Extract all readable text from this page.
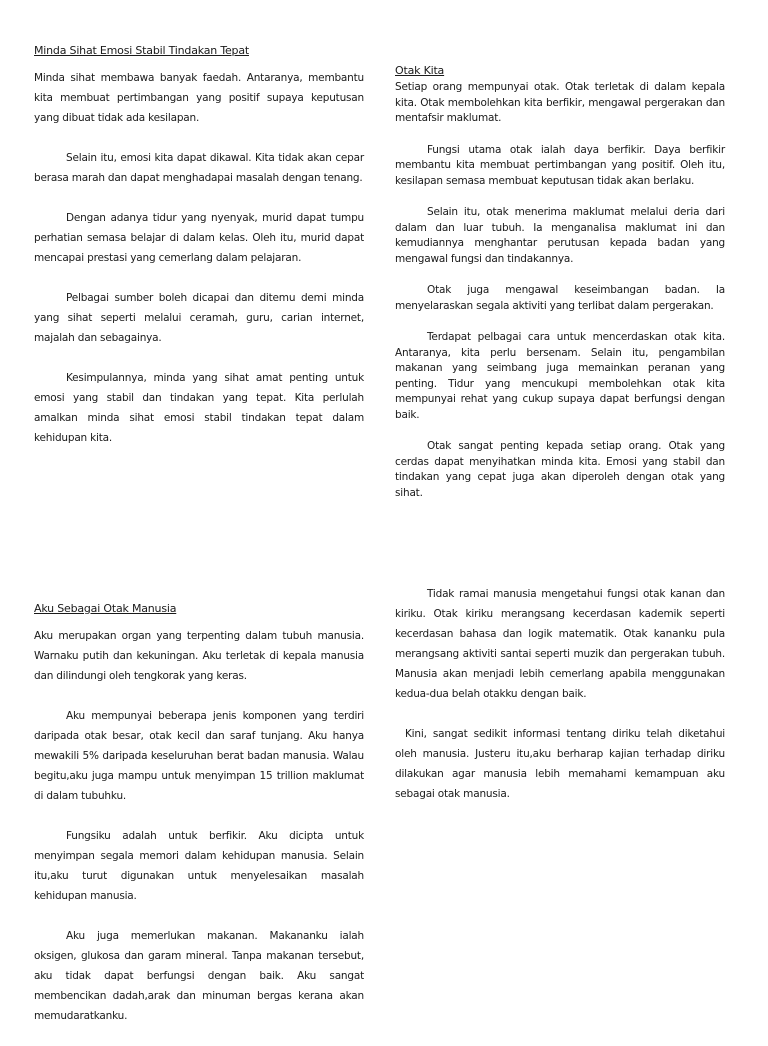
Minda Sihat Emosi Stabil Tindakan Tepat

Minda sihat membawa banyak faedah. Antaranya, membantu kita membuat pertimbangan yang positif supaya keputusan yang dibuat tidak ada kesilapan.

Selain itu, emosi kita dapat dikawal. Kita tidak akan cepar berasa marah dan dapat menghadapai masalah dengan tenang.

Dengan adanya tidur yang nyenyak, murid dapat tumpu perhatian semasa belajar di dalam kelas. Oleh itu, murid dapat mencapai prestasi yang cemerlang dalam pelajaran.

Pelbagai sumber boleh dicapai dan ditemu demi minda yang sihat seperti melalui ceramah, guru, carian internet, majalah dan sebagainya.

Kesimpulannya, minda yang sihat amat penting untuk emosi yang stabil dan tindakan yang tepat. Kita perlulah amalkan minda sihat emosi stabil tindakan tepat dalam kehidupan kita.

Otak Kita

Setiap orang mempunyai otak. Otak terletak di dalam kepala kita. Otak membolehkan kita berfikir, mengawal pergerakan dan mentafsir maklumat.

Fungsi utama otak ialah daya berfikir. Daya berfikir membantu kita membuat pertimbangan yang positif. Oleh itu, kesilapan semasa membuat keputusan tidak akan berlaku.

Selain itu, otak menerima maklumat melalui deria dari dalam dan luar tubuh. Ia menganalisa maklumat ini dan kemudiannya menghantar perutusan kepada badan yang mengawal fungsi dan tindakannya.

Otak juga mengawal keseimbangan badan. Ia menyelaraskan segala aktiviti yang terlibat dalam pergerakan.

Terdapat pelbagai cara untuk mencerdaskan otak kita. Antaranya, kita perlu bersenam. Selain itu, pengambilan makanan yang seimbang juga memainkan peranan yang penting. Tidur yang mencukupi membolehkan otak kita mempunyai rehat yang cukup supaya dapat berfungsi dengan baik.

Otak sangat penting kepada setiap orang. Otak yang cerdas dapat menyihatkan minda kita. Emosi yang stabil dan tindakan yang cepat juga akan diperoleh dengan otak yang sihat.

Aku Sebagai Otak Manusia

Aku merupakan organ yang terpenting dalam tubuh manusia. Warnaku putih dan kekuningan. Aku terletak di kepala manusia dan dilindungi oleh tengkorak yang keras.

Aku mempunyai beberapa jenis komponen yang terdiri daripada otak besar, otak kecil dan saraf tunjang. Aku hanya mewakili 5% daripada keseluruhan berat badan manusia. Walau begitu,aku juga mampu untuk menyimpan 15 trillion maklumat di dalam tubuhku.

Fungsiku adalah untuk berfikir. Aku dicipta untuk menyimpan segala memori dalam kehidupan manusia. Selain itu,aku turut digunakan untuk menyelesaikan masalah kehidupan manusia.

Aku juga memerlukan makanan. Makananku ialah oksigen, glukosa dan garam mineral. Tanpa makanan tersebut, aku tidak dapat berfungsi dengan baik. Aku sangat membencikan dadah,arak dan minuman bergas kerana akan memudaratkanku.

Tidak ramai manusia mengetahui fungsi otak kanan dan kiriku. Otak kiriku merangsang kecerdasan kademik seperti kecerdasan bahasa dan logik matematik. Otak kananku pula merangsang aktiviti santai seperti muzik dan pergerakan tubuh. Manusia akan menjadi lebih cemerlang apabila menggunakan kedua-dua belah otakku dengan baik.

Kini, sangat sedikit informasi tentang diriku telah diketahui oleh manusia. Justeru itu,aku berharap kajian terhadap diriku dilakukan agar manusia lebih memahami kemampuan aku sebagai otak manusia.
